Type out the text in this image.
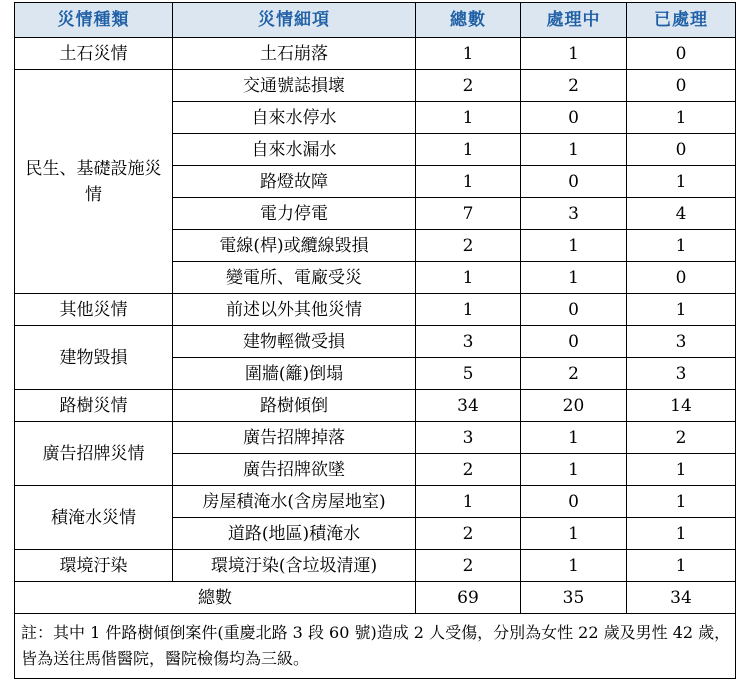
災情種類	災情細項	總數	處理中	已處理
土石災情	土石崩落	1	1	0
民生、基礎設施災情	交通號誌損壞	2	2	0
	自來水停水	1	0	1
	自來水漏水	1	1	0
	路燈故障	1	0	1
	電力停電	7	3	4
	電線(桿)或纜線毀損	2	1	1
	變電所、電廠受災	1	1	0
其他災情	前述以外其他災情	1	0	1
建物毀損	建物輕微受損	3	0	3
	圍牆(籬)倒塌	5	2	3
路樹災情	路樹傾倒	34	20	14
廣告招牌災情	廣告招牌掉落	3	1	2
	廣告招牌欲墜	2	1	1
積淹水災情	房屋積淹水(含房屋地室)	1	0	1
	道路(地區)積淹水	2	1	1
環境汙染	環境汙染(含垃圾清運)	2	1	1
總數		69	35	34
註：其中 1 件路樹傾倒案件(重慶北路 3 段 60 號)造成 2 人受傷，分別為女性 22 歲及男性 42 歲，皆為送往馬偕醫院，醫院檢傷均為三級。				
